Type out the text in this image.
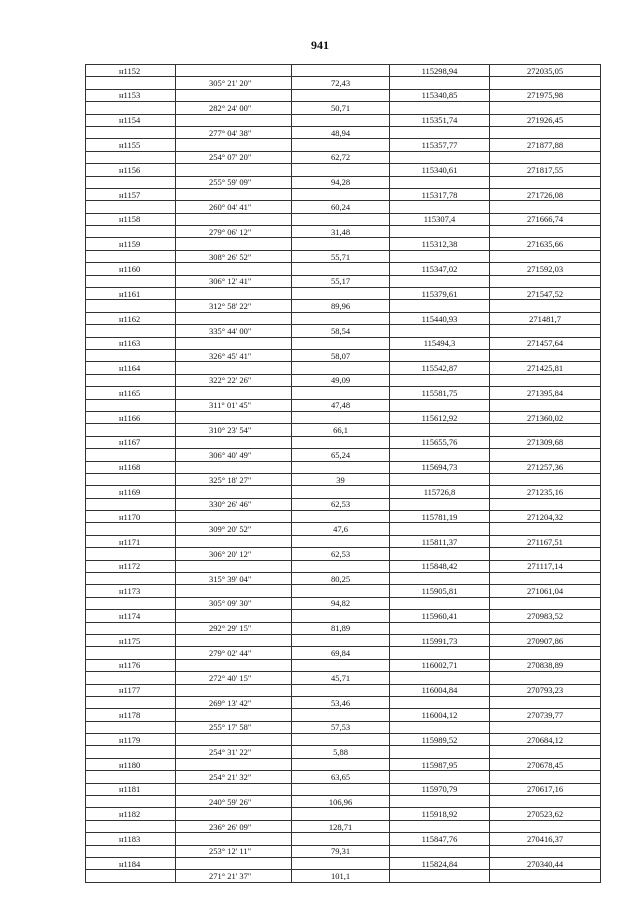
941
н1152			115298,94	272035,05
	305° 21' 20"	72,43		
н1153			115340,85	271975,98
	282° 24' 00"	50,71		
н1154			115351,74	271926,45
	277° 04' 38"	48,94		
н1155			115357,77	271877,88
	254° 07' 20"	62,72		
н1156			115340,61	271817,55
	255° 59' 09"	94,28		
н1157			115317,78	271726,08
	260° 04' 41"	60,24		
н1158			115307,4	271666,74
	279° 06' 12"	31,48		
н1159			115312,38	271635,66
	308° 26' 52"	55,71		
н1160			115347,02	271592,03
	306° 12' 41"	55,17		
н1161			115379,61	271547,52
	312° 58' 22"	89,96		
н1162			115440,93	271481,7
	335° 44' 00"	58,54		
н1163			115494,3	271457,64
	326° 45' 41"	58,07		
н1164			115542,87	271425,81
	322° 22' 26"	49,09		
н1165			115581,75	271395,84
	311° 01' 45"	47,48		
н1166			115612,92	271360,02
	310° 23' 54"	66,1		
н1167			115655,76	271309,68
	306° 40' 49"	65,24		
н1168			115694,73	271257,36
	325° 18' 27"	39		
н1169			115726,8	271235,16
	330° 26' 46"	62,53		
н1170			115781,19	271204,32
	309° 20' 52"	47,6		
н1171			115811,37	271167,51
	306° 20' 12"	62,53		
н1172			115848,42	271117,14
	315° 39' 04"	80,25		
н1173			115905,81	271061,04
	305° 09' 30"	94,82		
н1174			115960,41	270983,52
	292° 29' 15"	81,89		
н1175			115991,73	270907,86
	279° 02' 44"	69,84		
н1176			116002,71	270838,89
	272° 40' 15"	45,71		
н1177			116004,84	270793,23
	269° 13' 42"	53,46		
н1178			116004,12	270739,77
	255° 17' 58"	57,53		
н1179			115989,52	270684,12
	254° 31' 22"	5,88		
н1180			115987,95	270678,45
	254° 21' 32"	63,65		
н1181			115970,79	270617,16
	240° 59' 26"	106,96		
н1182			115918,92	270523,62
	236° 26' 09"	128,71		
н1183			115847,76	270416,37
	253° 12' 11"	79,31		
н1184			115824,84	270340,44
	271° 21' 37"	101,1		
